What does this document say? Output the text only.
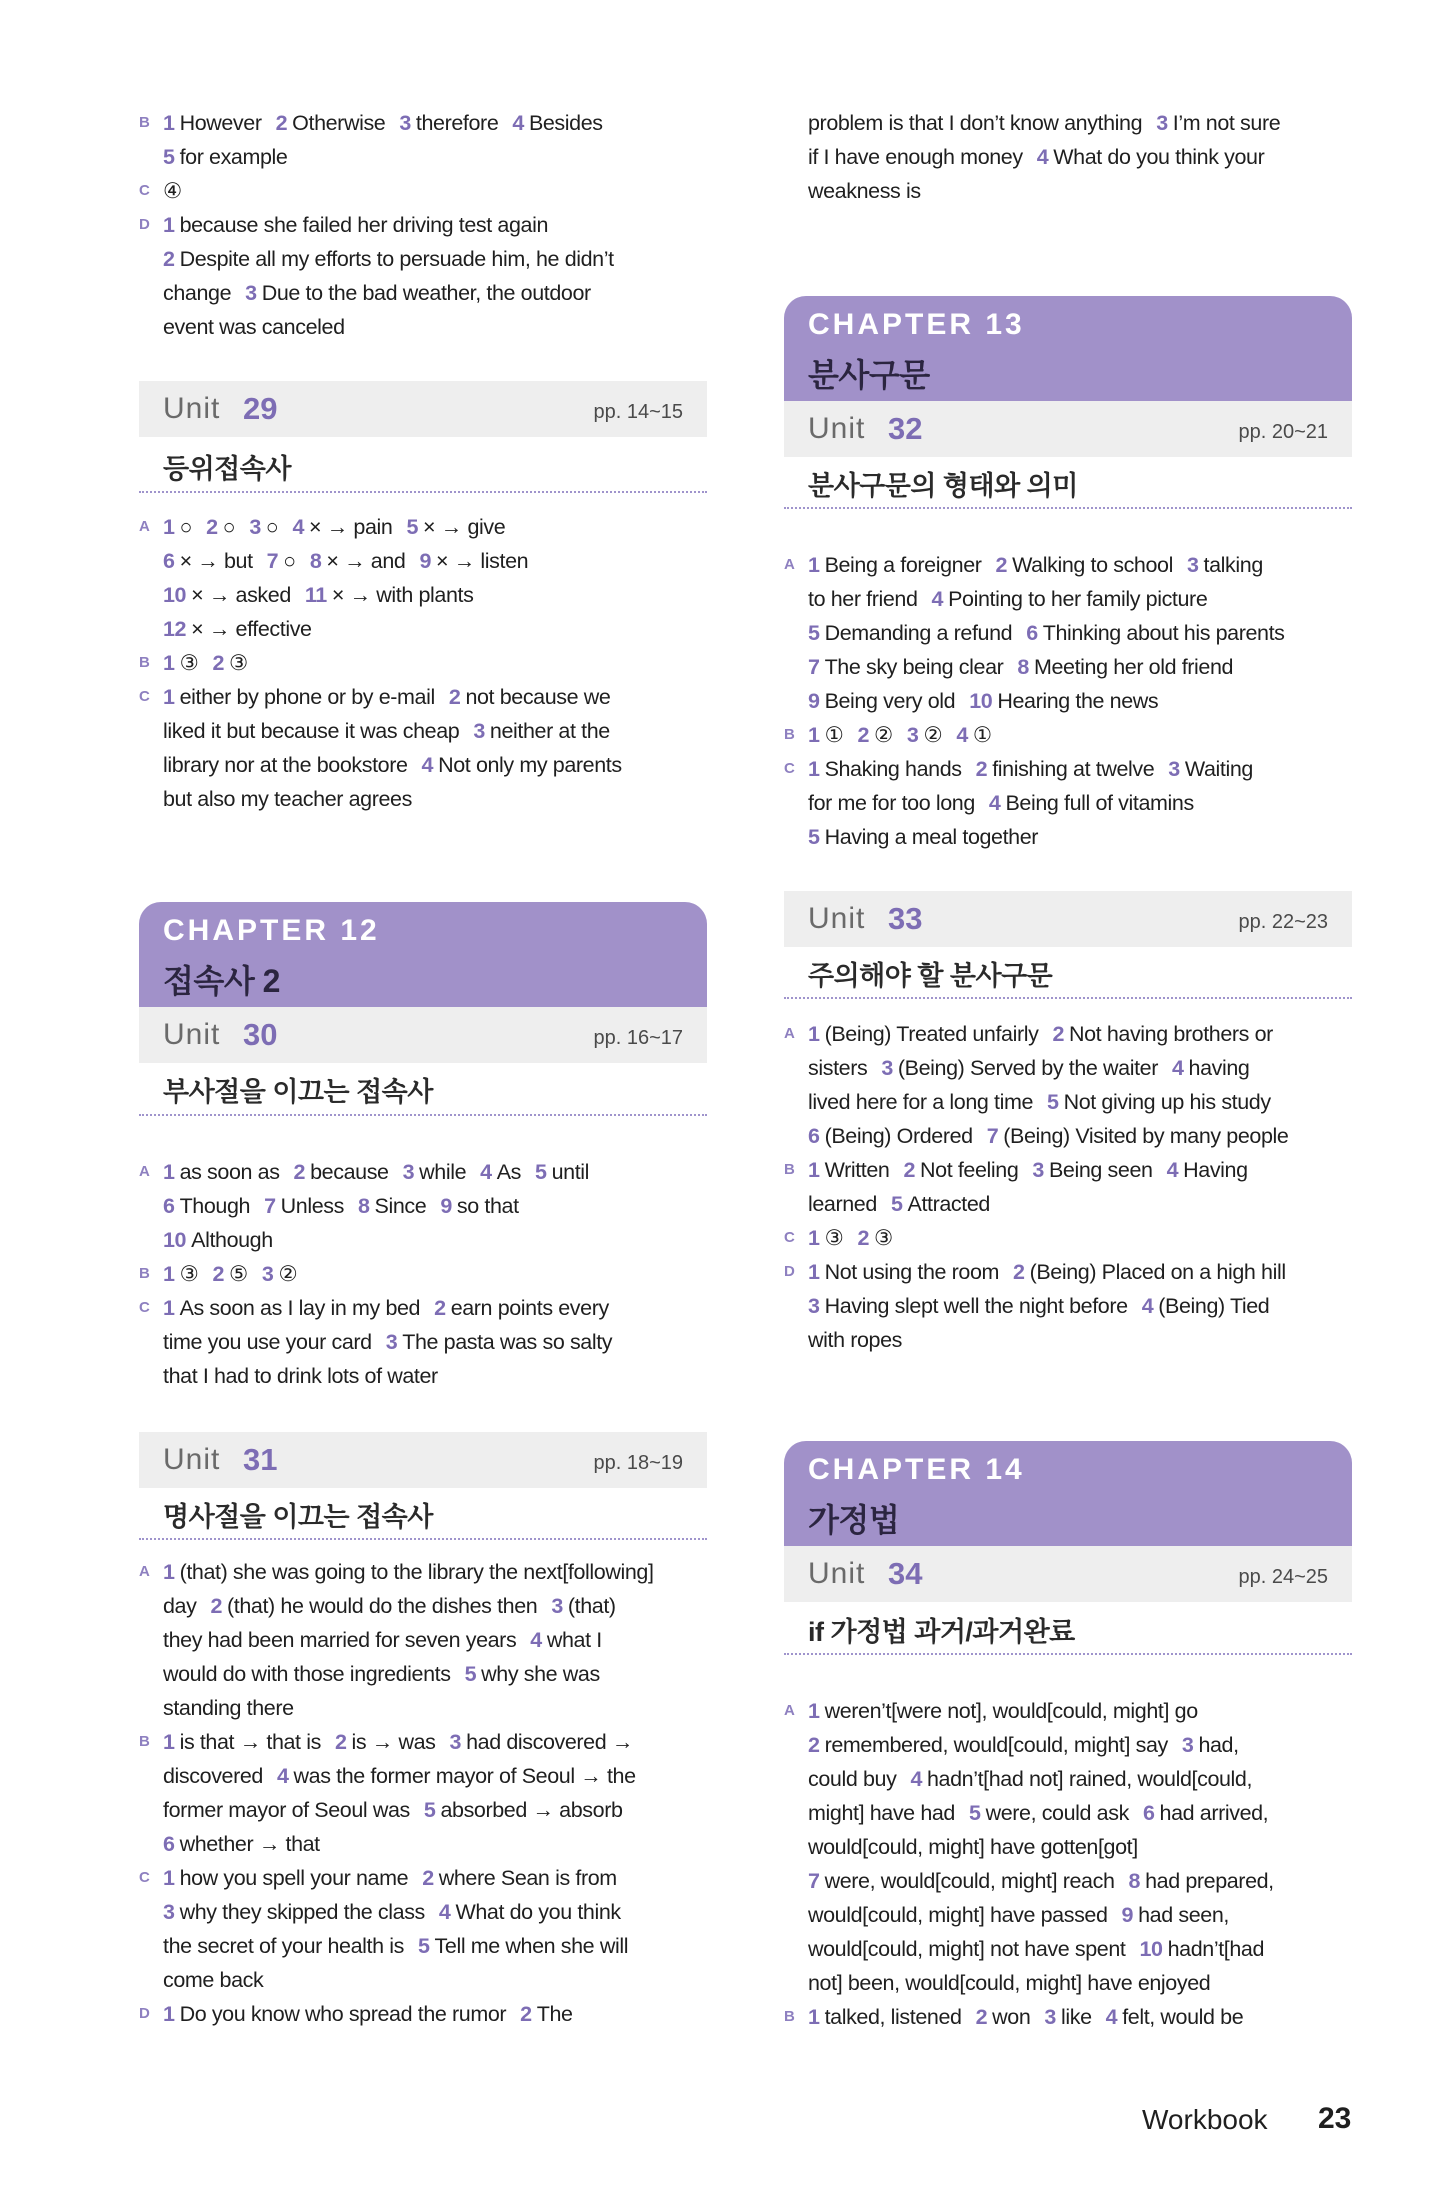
B 1 However 2 Otherwise 3 therefore 4 Besides
5 for example
C ④
D 1 because she failed her driving test again
2 Despite all my efforts to persuade him, he didn’t
change 3 Due to the bad weather, the outdoor
event was canceled
Unit 29	pp. 14~15
등위접속사
A 1 ○ 2 ○ 3 ○ 4 × → pain 5 × → give
6 × → but 7 ○ 8 × → and 9 × → listen
10 × → asked 11 × → with plants
12 × → effective
B 1 ③ 2 ③
C 1 either by phone or by e-mail 2 not because we
liked it but because it was cheap 3 neither at the
library nor at the bookstore 4 Not only my parents
but also my teacher agrees
CHAPTER 12
접속사 2
Unit 30	pp. 16~17
부사절을 이끄는 접속사
A 1 as soon as 2 because 3 while 4 As 5 until
6 Though 7 Unless 8 Since 9 so that
10 Although
B 1 ③ 2 ⑤ 3 ②
C 1 As soon as I lay in my bed 2 earn points every
time you use your card 3 The pasta was so salty
that I had to drink lots of water
Unit 31	pp. 18~19
명사절을 이끄는 접속사
A 1 (that) she was going to the library the next[following]
day 2 (that) he would do the dishes then 3 (that)
they had been married for seven years 4 what I
would do with those ingredients 5 why she was
standing there
B 1 is that → that is 2 is → was 3 had discovered →
discovered 4 was the former mayor of Seoul → the
former mayor of Seoul was 5 absorbed → absorb
6 whether → that
C 1 how you spell your name 2 where Sean is from
3 why they skipped the class 4 What do you think
the secret of your health is 5 Tell me when she will
come back
D 1 Do you know who spread the rumor 2 The
problem is that I don’t know anything 3 I’m not sure
if I have enough money 4 What do you think your
weakness is
CHAPTER 13
분사구문
Unit 32	pp. 20~21
분사구문의 형태와 의미
A 1 Being a foreigner 2 Walking to school 3 talking
to her friend 4 Pointing to her family picture
5 Demanding a refund 6 Thinking about his parents
7 The sky being clear 8 Meeting her old friend
9 Being very old 10 Hearing the news
B 1 ① 2 ② 3 ② 4 ①
C 1 Shaking hands 2 finishing at twelve 3 Waiting
for me for too long 4 Being full of vitamins
5 Having a meal together
Unit 33	pp. 22~23
주의해야 할 분사구문
A 1 (Being) Treated unfairly 2 Not having brothers or
sisters 3 (Being) Served by the waiter 4 having
lived here for a long time 5 Not giving up his study
6 (Being) Ordered 7 (Being) Visited by many people
B 1 Written 2 Not feeling 3 Being seen 4 Having
learned 5 Attracted
C 1 ③ 2 ③
D 1 Not using the room 2 (Being) Placed on a high hill
3 Having slept well the night before 4 (Being) Tied
with ropes
CHAPTER 14
가정법
Unit 34	pp. 24~25
if 가정법 과거/과거완료
A 1 weren’t[were not], would[could, might] go
2 remembered, would[could, might] say 3 had,
could buy 4 hadn’t[had not] rained, would[could,
might] have had 5 were, could ask 6 had arrived,
would[could, might] have gotten[got]
7 were, would[could, might] reach 8 had prepared,
would[could, might] have passed 9 had seen,
would[could, might] not have spent 10 hadn’t[had
not] been, would[could, might] have enjoyed
B 1 talked, listened 2 won 3 like 4 felt, would be
Workbook 23
